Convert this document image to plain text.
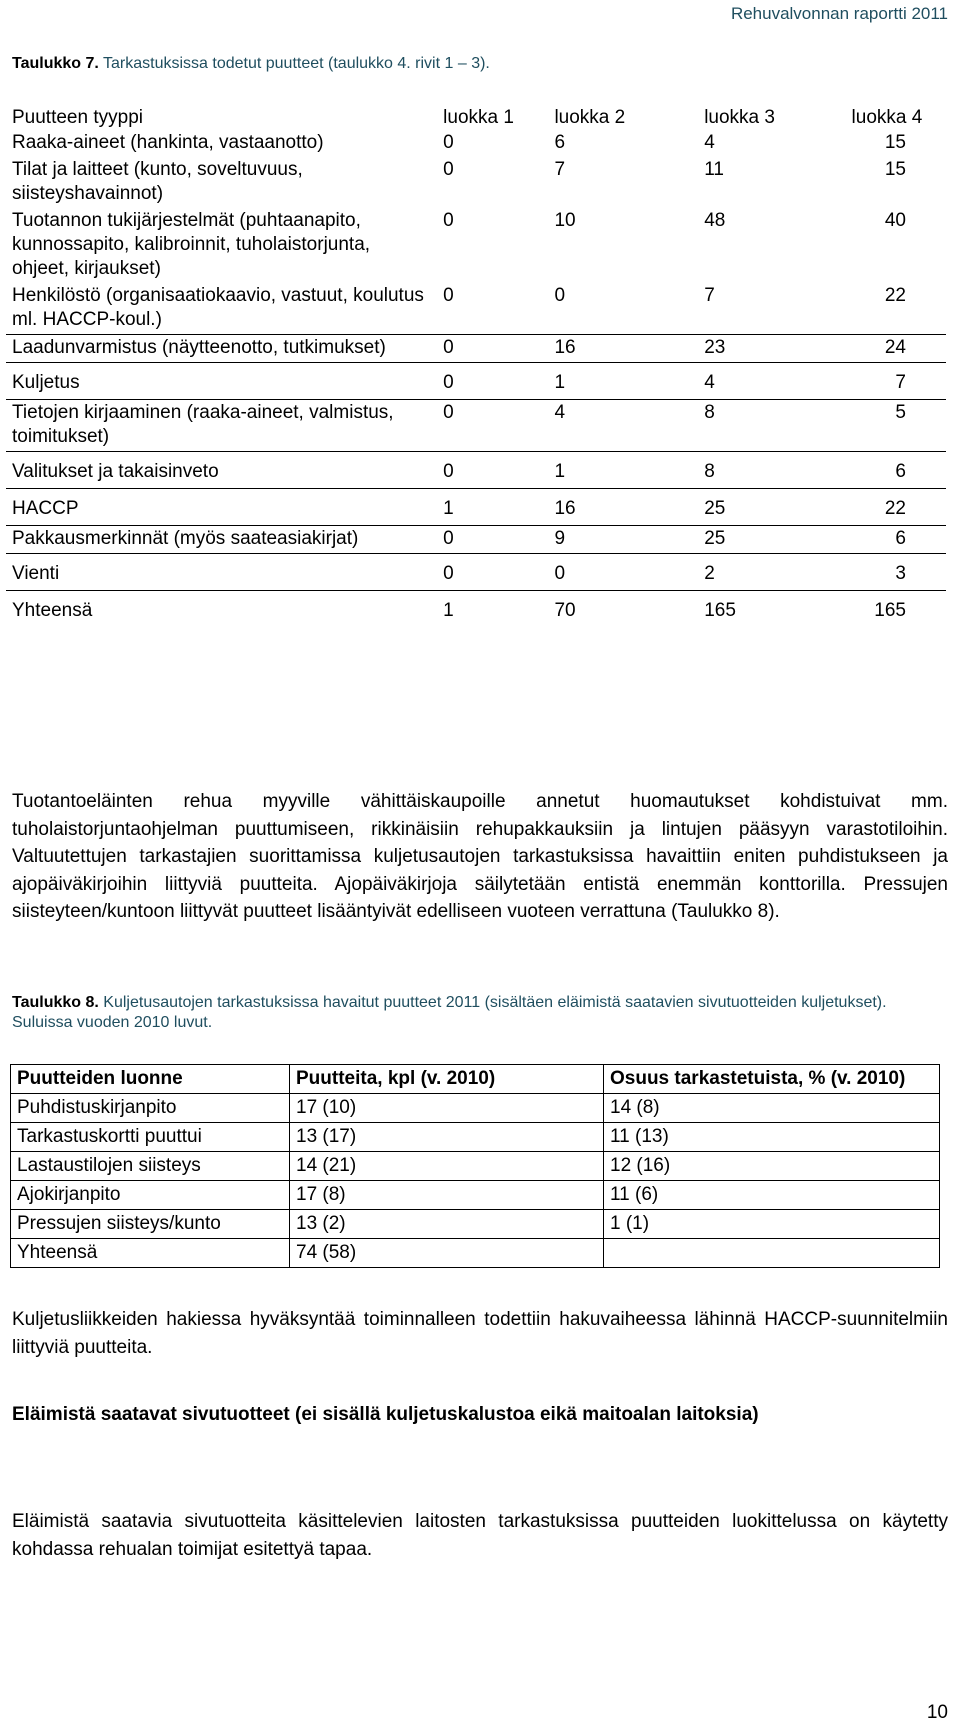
Rehuvalvonnan raportti 2011
Taulukko 7. Tarkastuksissa todetut puutteet (taulukko 4. rivit 1 – 3).
Puutteen tyyppi	luokka 1	luokka 2	luokka 3	luokka 4
Raaka-aineet (hankinta, vastaanotto)	0	6	4	15
Tilat ja laitteet (kunto, soveltuvuus, siisteyshavainnot)	0	7	11	15
Tuotannon tukijärjestelmät (puhtaanapito, kunnossapito, kalibroinnit, tuholaistorjunta, ohjeet, kirjaukset)	0	10	48	40
Henkilöstö (organisaatiokaavio, vastuut, koulutus ml. HACCP-koul.)	0	0	7	22
Laadunvarmistus (näytteenotto, tutkimukset)	0	16	23	24
Kuljetus	0	1	4	7
Tietojen kirjaaminen (raaka-aineet, valmistus, toimitukset)	0	4	8	5
Valitukset ja takaisinveto	0	1	8	6
HACCP	1	16	25	22
Pakkausmerkinnät (myös saateasiakirjat)	0	9	25	6
Vienti	0	0	2	3
Yhteensä	1	70	165	165
Tuotantoeläinten rehua myyville vähittäiskaupoille annetut huomautukset kohdistuivat mm. tuholaistorjuntaohjelman puuttumiseen, rikkinäisiin rehupakkauksiin ja lintujen pääsyyn varastotiloihin. Valtuutettujen tarkastajien suorittamissa kuljetusautojen tarkastuksissa havaittiin eniten puhdistukseen ja ajopäiväkirjoihin liittyviä puutteita. Ajopäiväkirjoja säilytetään entistä enemmän konttorilla. Pressujen siisteyteen/kuntoon liittyvät puutteet lisääntyivät edelliseen vuoteen verrattuna (Taulukko 8).
Taulukko 8. Kuljetusautojen tarkastuksissa havaitut puutteet 2011 (sisältäen eläimistä saatavien sivutuotteiden kuljetukset). Suluissa vuoden 2010 luvut.
Puutteiden luonne	Puutteita, kpl (v. 2010)	Osuus tarkastetuista, % (v. 2010)
Puhdistuskirjanpito	17 (10)	14 (8)
Tarkastuskortti puuttui	13 (17)	11 (13)
Lastaustilojen siisteys	14 (21)	12 (16)
Ajokirjanpito	17 (8)	11 (6)
Pressujen siisteys/kunto	13 (2)	1 (1)
Yhteensä	74 (58)	
Kuljetusliikkeiden hakiessa hyväksyntää toiminnalleen todettiin hakuvaiheessa lähinnä HACCP-suunnitelmiin liittyviä puutteita.
Eläimistä saatavat sivutuotteet (ei sisällä kuljetuskalustoa eikä maitoalan laitoksia)
Eläimistä saatavia sivutuotteita käsittelevien laitosten tarkastuksissa puutteiden luokittelussa on käytetty kohdassa rehualan toimijat esitettyä tapaa.
10
